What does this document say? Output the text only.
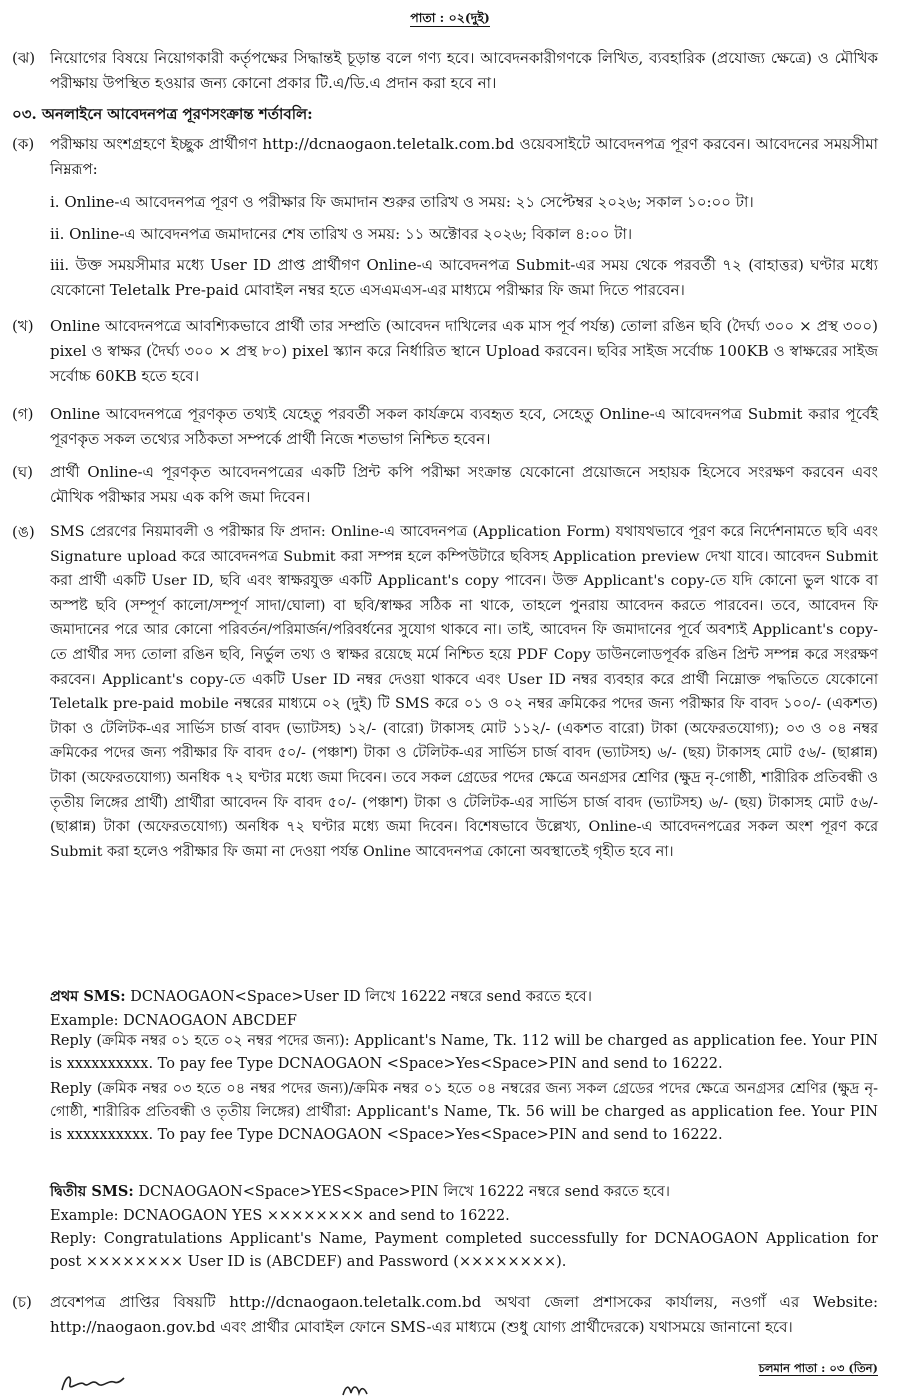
পাতা : ০২(দুই)
(ঝ) নিয়োগের বিষয়ে নিয়োগকারী কর্তৃপক্ষের সিদ্ধান্তই চূড়ান্ত বলে গণ্য হবে। আবেদনকারীগণকে লিখিত, ব্যবহারিক (প্রযোজ্য ক্ষেত্রে) ও মৌখিক পরীক্ষায় উপস্থিত হওয়ার জন্য কোনো প্রকার টি.এ/ডি.এ প্রদান করা হবে না।
০৩. অনলাইনে আবেদনপত্র পূরণসংক্রান্ত শর্তাবলি:
(ক) পরীক্ষায় অংশগ্রহণে ইচ্ছুক প্রার্থীগণ http://dcnaogaon.teletalk.com.bd ওয়েবসাইটে আবেদনপত্র পূরণ করবেন। আবেদনের সময়সীমা নিম্নরূপ:
i. Online-এ আবেদনপত্র পূরণ ও পরীক্ষার ফি জমাদান শুরুর তারিখ ও সময়: ২১ সেপ্টেম্বর ২০২৬; সকাল ১০:০০ টা।
ii. Online-এ আবেদনপত্র জমাদানের শেষ তারিখ ও সময়: ১১ অক্টোবর ২০২৬; বিকাল ৪:০০ টা।
iii. উক্ত সময়সীমার মধ্যে User ID প্রাপ্ত প্রার্থীগণ Online-এ আবেদনপত্র Submit-এর সময় থেকে পরবর্তী ৭২ (বাহাত্তর) ঘণ্টার মধ্যে যেকোনো Teletalk Pre-paid মোবাইল নম্বর হতে এসএমএস-এর মাধ্যমে পরীক্ষার ফি জমা দিতে পারবেন।
(খ) Online আবেদনপত্রে আবশ্যিকভাবে প্রার্থী তার সম্প্রতি (আবেদন দাখিলের এক মাস পূর্ব পর্যন্ত) তোলা রঙিন ছবি (দৈর্ঘ্য ৩০০ × প্রস্থ ৩০০) pixel ও স্বাক্ষর (দৈর্ঘ্য ৩০০ × প্রস্থ ৮০) pixel স্ক্যান করে নির্ধারিত স্থানে Upload করবেন। ছবির সাইজ সর্বোচ্চ 100KB ও স্বাক্ষরের সাইজ সর্বোচ্চ 60KB হতে হবে।
(গ) Online আবেদনপত্রে পূরণকৃত তথ্যই যেহেতু পরবর্তী সকল কার্যক্রমে ব্যবহৃত হবে, সেহেতু Online-এ আবেদনপত্র Submit করার পূর্বেই পূরণকৃত সকল তথ্যের সঠিকতা সম্পর্কে প্রার্থী নিজে শতভাগ নিশ্চিত হবেন।
(ঘ) প্রার্থী Online-এ পূরণকৃত আবেদনপত্রের একটি প্রিন্ট কপি পরীক্ষা সংক্রান্ত যেকোনো প্রয়োজনে সহায়ক হিসেবে সংরক্ষণ করবেন এবং মৌখিক পরীক্ষার সময় এক কপি জমা দিবেন।
(ঙ) SMS প্রেরণের নিয়মাবলী ও পরীক্ষার ফি প্রদান: Online-এ আবেদনপত্র (Application Form) যথাযথভাবে পূরণ করে নির্দেশনামতে ছবি এবং Signature upload করে আবেদনপত্র Submit করা সম্পন্ন হলে কম্পিউটারে ছবিসহ Application preview দেখা যাবে। আবেদন Submit করা প্রার্থী একটি User ID, ছবি এবং স্বাক্ষরযুক্ত একটি Applicant's copy পাবেন। উক্ত Applicant's copy-তে যদি কোনো ভুল থাকে বা অস্পষ্ট ছবি (সম্পূর্ণ কালো/সম্পূর্ণ সাদা/ঘোলা) বা ছবি/স্বাক্ষর সঠিক না থাকে, তাহলে পুনরায় আবেদন করতে পারবেন। তবে, আবেদন ফি জমাদানের পরে আর কোনো পরিবর্তন/পরিমার্জন/পরিবর্ধনের সুযোগ থাকবে না। তাই, আবেদন ফি জমাদানের পূর্বে অবশ্যই Applicant's copy-তে প্রার্থীর সদ্য তোলা রঙিন ছবি, নির্ভুল তথ্য ও স্বাক্ষর রয়েছে মর্মে নিশ্চিত হয়ে PDF Copy ডাউনলোডপূর্বক রঙিন প্রিন্ট সম্পন্ন করে সংরক্ষণ করবেন। Applicant's copy-তে একটি User ID নম্বর দেওয়া থাকবে এবং User ID নম্বর ব্যবহার করে প্রার্থী নিম্নোক্ত পদ্ধতিতে যেকোনো Teletalk pre-paid mobile নম্বরের মাধ্যমে ০২ (দুই) টি SMS করে ০১ ও ০২ নম্বর ক্রমিকের পদের জন্য পরীক্ষার ফি বাবদ ১০০/- (একশত) টাকা ও টেলিটক-এর সার্ভিস চার্জ বাবদ (ভ্যাটসহ) ১২/- (বারো) টাকাসহ মোট ১১২/- (একশত বারো) টাকা (অফেরতযোগ্য); ০৩ ও ০৪ নম্বর ক্রমিকের পদের জন্য পরীক্ষার ফি বাবদ ৫০/- (পঞ্চাশ) টাকা ও টেলিটক-এর সার্ভিস চার্জ বাবদ (ভ্যাটসহ) ৬/- (ছয়) টাকাসহ মোট ৫৬/- (ছাপ্পান্ন) টাকা (অফেরতযোগ্য) অনধিক ৭২ ঘণ্টার মধ্যে জমা দিবেন। তবে সকল গ্রেডের পদের ক্ষেত্রে অনগ্রসর শ্রেণির (ক্ষুদ্র নৃ-গোষ্ঠী, শারীরিক প্রতিবন্ধী ও তৃতীয় লিঙ্গের প্রার্থী) প্রার্থীরা আবেদন ফি বাবদ ৫০/- (পঞ্চাশ) টাকা ও টেলিটক-এর সার্ভিস চার্জ বাবদ (ভ্যাটসহ) ৬/- (ছয়) টাকাসহ মোট ৫৬/- (ছাপ্পান্ন) টাকা (অফেরতযোগ্য) অনধিক ৭২ ঘণ্টার মধ্যে জমা দিবেন। বিশেষভাবে উল্লেখ্য, Online-এ আবেদনপত্রের সকল অংশ পূরণ করে Submit করা হলেও পরীক্ষার ফি জমা না দেওয়া পর্যন্ত Online আবেদনপত্র কোনো অবস্থাতেই গৃহীত হবে না।
প্রথম SMS: DCNAOGAON<Space>User ID লিখে 16222 নম্বরে send করতে হবে।
Example: DCNAOGAON ABCDEF
Reply (ক্রমিক নম্বর ০১ হতে ০২ নম্বর পদের জন্য): Applicant's Name, Tk. 112 will be charged as application fee. Your PIN is xxxxxxxxxx. To pay fee Type DCNAOGAON <Space>Yes<Space>PIN and send to 16222.
Reply (ক্রমিক নম্বর ০৩ হতে ০৪ নম্বর পদের জন্য)/ক্রমিক নম্বর ০১ হতে ০৪ নম্বরের জন্য সকল গ্রেডের পদের ক্ষেত্রে অনগ্রসর শ্রেণির (ক্ষুদ্র নৃ-গোষ্ঠী, শারীরিক প্রতিবন্ধী ও তৃতীয় লিঙ্গের) প্রার্থীরা: Applicant's Name, Tk. 56 will be charged as application fee. Your PIN is xxxxxxxxxx. To pay fee Type DCNAOGAON <Space>Yes<Space>PIN and send to 16222.
দ্বিতীয় SMS: DCNAOGAON<Space>YES<Space>PIN লিখে 16222 নম্বরে send করতে হবে।
Example: DCNAOGAON YES ×××××××× and send to 16222.
Reply: Congratulations Applicant's Name, Payment completed successfully for DCNAOGAON Application for post ×××××××× User ID is (ABCDEF) and Password (××××××××).
(চ) প্রবেশপত্র প্রাপ্তির বিষয়টি http://dcnaogaon.teletalk.com.bd অথবা জেলা প্রশাসকের কার্যালয়, নওগাঁ এর Website: http://naogaon.gov.bd এবং প্রার্থীর মোবাইল ফোনে SMS-এর মাধ্যমে (শুধু যোগ্য প্রার্থীদেরকে) যথাসময়ে জানানো হবে।
চলমান পাতা : ০৩ (তিন)
